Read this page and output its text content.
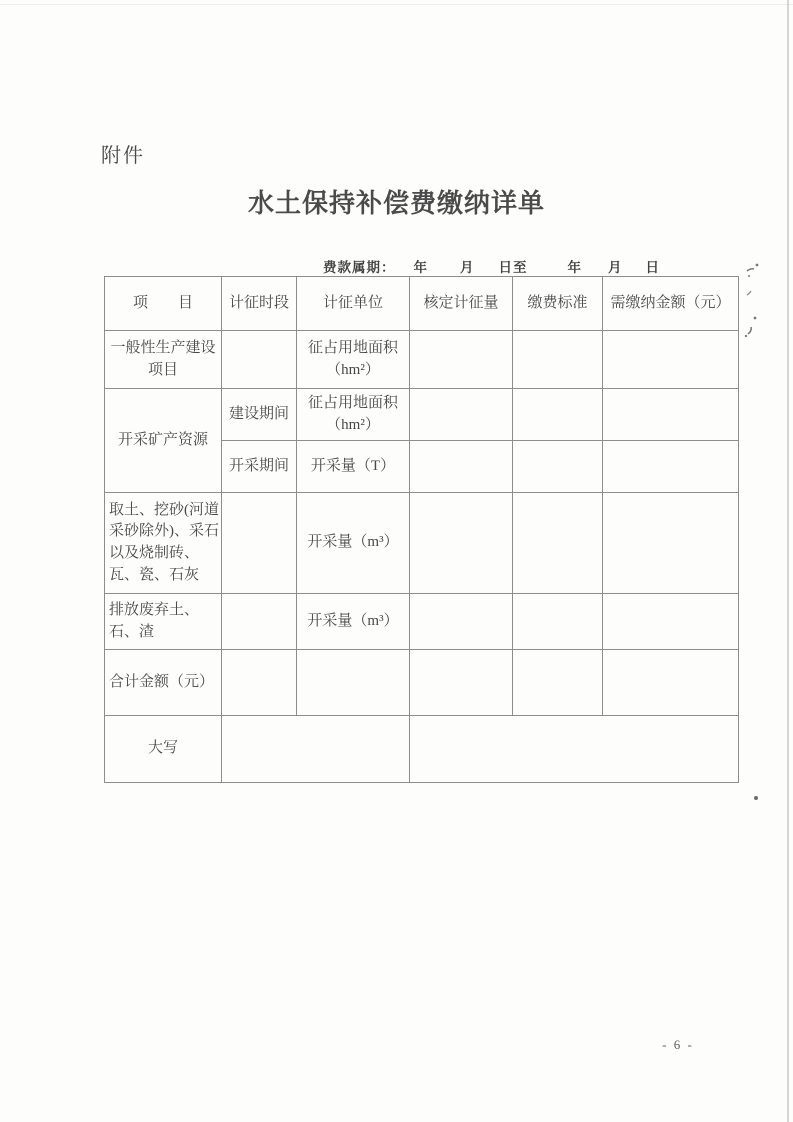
附件
水土保持补偿费缴纳详单
费款属期： 年 月 日至	年 月 日
项　　目	计征时段	计征单位	核定计征量	缴费标准	需缴纳金额（元）
一般性生产建设项目		征占用地面积（hm²）			
开采矿产资源	建设期间	征占用地面积（hm²）			
	开采期间	开采量（T）			
取土、挖砂(河道采砂除外)、采石以及烧制砖、瓦、瓷、石灰		开采量（m³）			
排放废弃土、石、渣		开采量（m³）			
合计金额（元）					
大写					
- 6 -
